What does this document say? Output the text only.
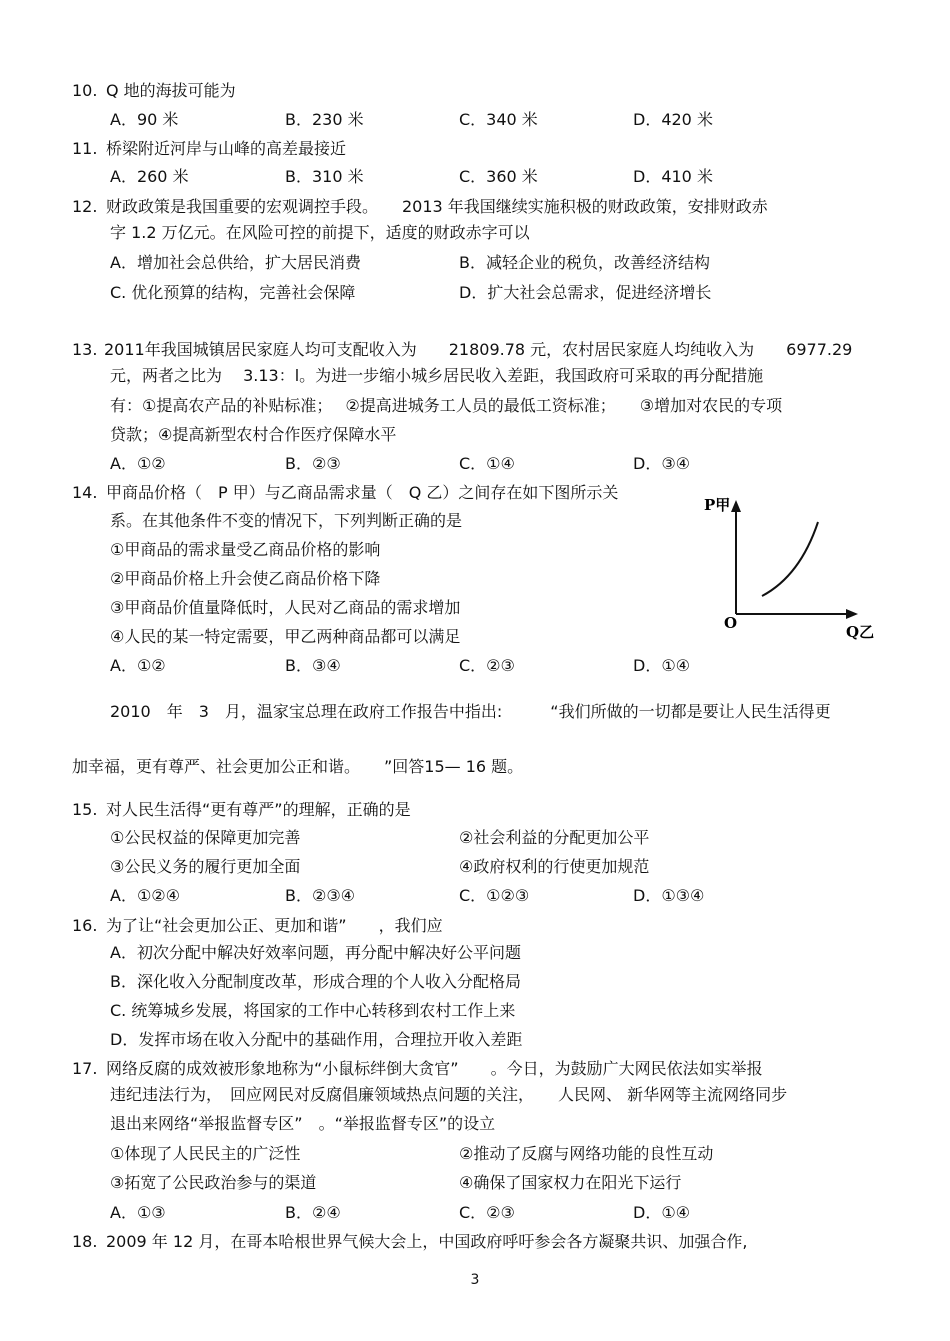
10. Q 地的海拔可能为
A．90 米	B．230 米	C．340 米	D．420 米
11. 桥梁附近河岸与山峰的高差最接近
A．260 米	B．310 米	C．360 米	D．410 米
12. 财政政策是我国重要的宏观调控手段。　　2013 年我国继续实施积极的财政政策，安排财政赤
字 1.2 万亿元。在风险可控的前提下，适度的财政赤字可以
A．增加社会总供给，扩大居民消费	B．减轻企业的税负，改善经济结构
C. 优化预算的结构，完善社会保障	D．扩大社会总需求，促进经济增长
13. 2011年我国城镇居民家庭人均可支配收入为　　21809.78 元，农村居民家庭人均纯收入为　　6977.29
元，两者之比为　 3.13：l。为进一步缩小城乡居民收入差距，我国政府可采取的再分配措施
有：①提高农产品的补贴标准；　 ②提高进城务工人员的最低工资标准；　　③增加对农民的专项
贷款；④提高新型农村合作医疗保障水平
A．①②	B．②③	C．①④	D．③④
14. 甲商品价格（　P 甲）与乙商品需求量（　Q 乙）之间存在如下图所示关
系。在其他条件不变的情况下，下列判断正确的是
①甲商品的需求量受乙商品价格的影响
②甲商品价格上升会使乙商品价格下降
③甲商品价值量降低时，人民对乙商品的需求增加
④人民的某一特定需要，甲乙两种商品都可以满足
A．①②	B．③④	C．②③	D．①④
P甲
Q乙
O
2010　年　3　月，温家宝总理在政府工作报告中指出:　　　“我们所做的一切都是要让人民生活得更
加幸福，更有尊严、社会更加公正和谐。　　”回答15— 16 题。
15. 对人民生活得“更有尊严”的理解，正确的是
①公民权益的保障更加完善	②社会利益的分配更加公平
③公民义务的履行更加全面	④政府权利的行使更加规范
A．①②④	B．②③④	C．①②③	D．①③④
16. 为了让“社会更加公正、更加和谐”　　，我们应
A．初次分配中解决好效率问题，再分配中解决好公平问题
B．深化收入分配制度改革，形成合理的个人收入分配格局
C. 统筹城乡发展，将国家的工作中心转移到农村工作上来
D．发挥市场在收入分配中的基础作用，合理拉开收入差距
17. 网络反腐的成效被形象地称为“小鼠标绊倒大贪官”　　。今日，为鼓励广大网民依法如实举报
违纪违法行为，　回应网民对反腐倡廉领域热点问题的关注，　　人民网、 新华网等主流网络同步
退出来网络“举报监督专区”　。“举报监督专区”的设立
①体现了人民民主的广泛性	②推动了反腐与网络功能的良性互动
③拓宽了公民政治参与的渠道	④确保了国家权力在阳光下运行
A．①③	B．②④	C．②③	D．①④
18. 2009 年 12 月，在哥本哈根世界气候大会上，中国政府呼吁参会各方凝聚共识、加强合作,
3
